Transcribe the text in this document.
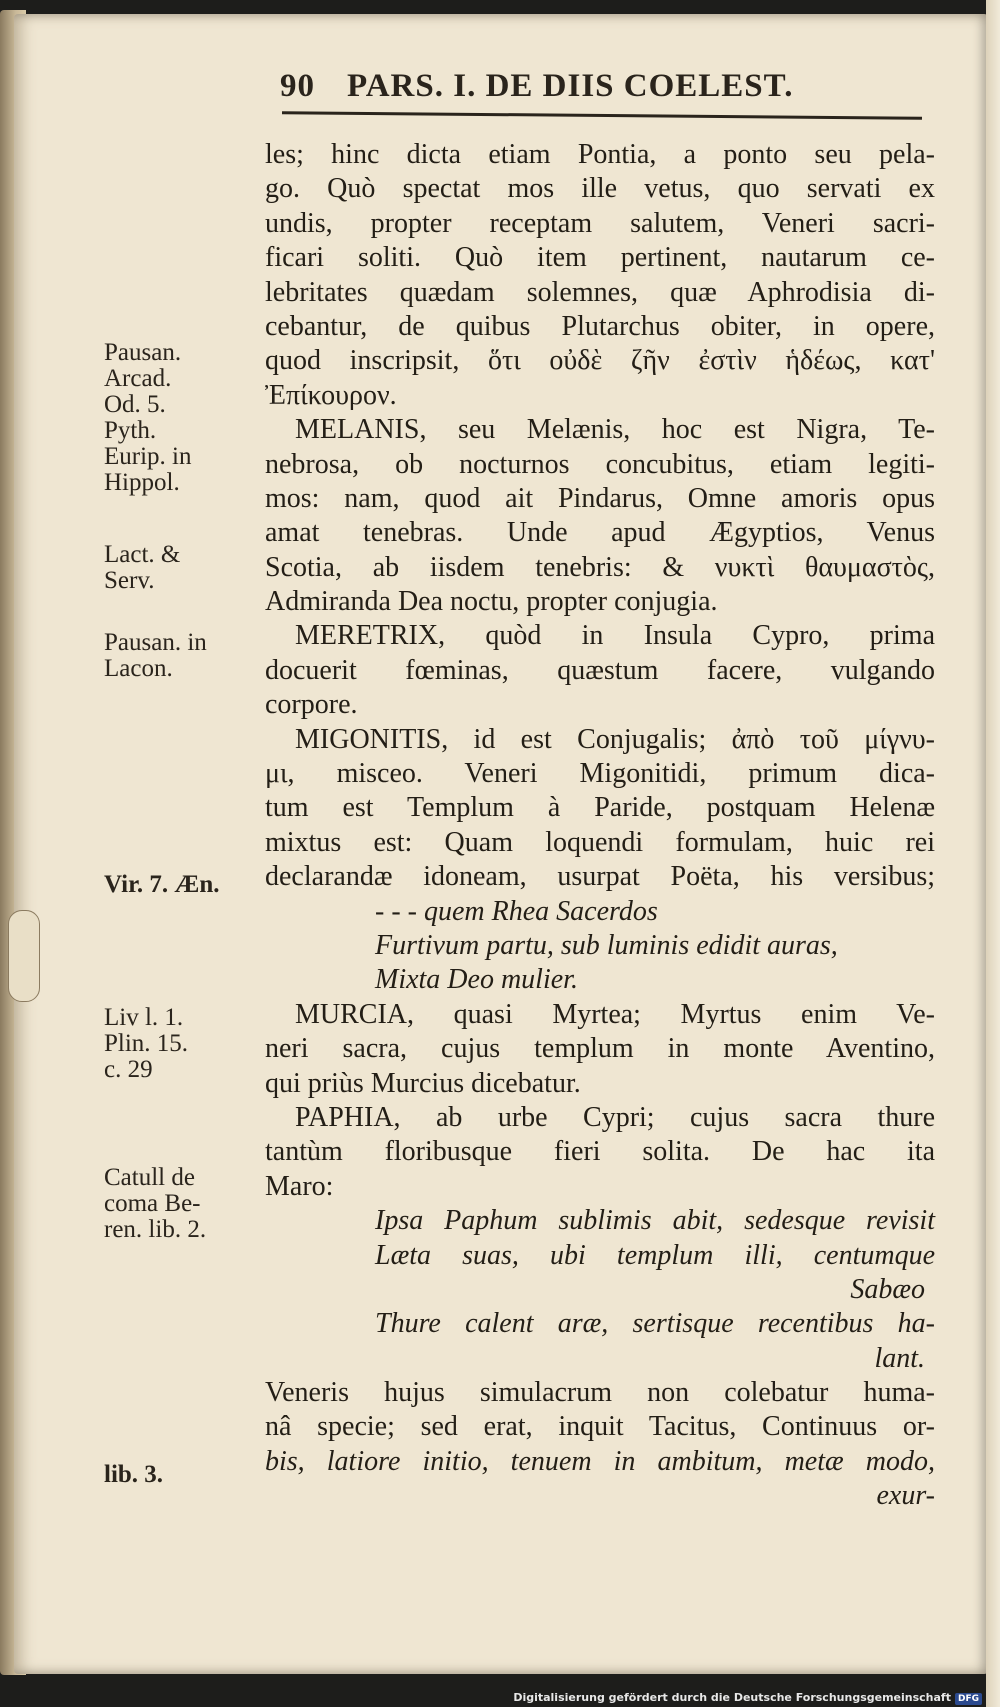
90 PARS. I. DE DIIS COELEST.
Pausan.
Arcad.
Od. 5.
Pyth.
Eurip. in
Hippol.
Lact. &
Serv.
Pausan. in
Lacon.
Vir. 7. Æn.
Liv l. 1.
Plin. 15.
c. 29
Catull de
coma Be-
ren. lib. 2.
lib. 3.
les; hinc dicta etiam Pontia, a ponto seu pela-
go. Quò spectat mos ille vetus, quo servati ex
undis, propter receptam salutem, Veneri sacri-
ficari soliti. Quò item pertinent, nautarum ce-
lebritates quædam solemnes, quæ Aphrodisia di-
cebantur, de quibus Plutarchus obiter, in opere,
quod inscripsit, ὅτι οὐδὲ ζῆν ἐστὶν ἡδέως, κατ'
Ἐπίκουρον.
MELANIS, seu Melænis, hoc est Nigra, Te-
nebrosa, ob nocturnos concubitus, etiam legiti-
mos: nam, quod ait Pindarus, Omne amoris opus
amat tenebras. Unde apud Ægyptios, Venus
Scotia, ab iisdem tenebris: & νυκτὶ θαυμαστὸς,
Admiranda Dea noctu, propter conjugia.
MERETRIX, quòd in Insula Cypro, prima
docuerit fœminas, quæstum facere, vulgando
corpore.
MIGONITIS, id est Conjugalis; ἀπὸ τοῦ μίγνυ-
μι, misceo. Veneri Migonitidi, primum dica-
tum est Templum à Paride, postquam Helenæ
mixtus est: Quam loquendi formulam, huic rei
declarandæ idoneam, usurpat Poëta, his versibus;
- - - quem Rhea Sacerdos
Furtivum partu, sub luminis edidit auras,
Mixta Deo mulier.
MURCIA, quasi Myrtea; Myrtus enim Ve-
neri sacra, cujus templum in monte Aventino,
qui priùs Murcius dicebatur.
PAPHIA, ab urbe Cypri; cujus sacra thure
tantùm floribusque fieri solita. De hac ita
Maro:
Ipsa Paphum sublimis abit, sedesque revisit
Læta suas, ubi templum illi, centumque
Sabæo
Thure calent aræ, sertisque recentibus ha-
lant.
Veneris hujus simulacrum non colebatur huma-
nâ specie; sed erat, inquit Tacitus, Continuus or-
bis, latiore initio, tenuem in ambitum, metæ modo,
exur-
Digitalisierung gefördert durch die Deutsche Forschungsgemeinschaft DFG
